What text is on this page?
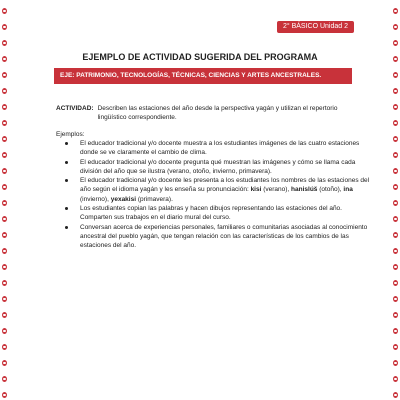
2° BÁSICO Unidad 2
EJEMPLO DE ACTIVIDAD SUGERIDA DEL PROGRAMA
EJE: PATRIMONIO, TECNOLOGÍAS, TÉCNICAS, CIENCIAS Y ARTES ANCESTRALES.
ACTIVIDAD: Describen las estaciones del año desde la perspectiva yagán y utilizan el repertorio lingüístico correspondiente.
Ejemplos:
El educador tradicional y/o docente muestra a los estudiantes imágenes de las cuatro estaciones donde se ve claramente el cambio de clima.
El educador tradicional y/o docente pregunta qué muestran las imágenes y cómo se llama cada división del año que se ilustra (verano, otoño, invierno, primavera).
El educador tradicional y/o docente les presenta a los estudiantes los nombres de las estaciones del año según el idioma yagán y les enseña su pronunciación: kisi (verano), hanislúš (otoño), ina (invierno), yexakisi (primavera).
Los estudiantes copian las palabras y hacen dibujos representando las estaciones del año. Comparten sus trabajos en el diario mural del curso.
Conversan acerca de experiencias personales, familiares o comunitarias asociadas al conocimiento ancestral del pueblo yagán, que tengan relación con las características de los cambios de las estaciones del año.
